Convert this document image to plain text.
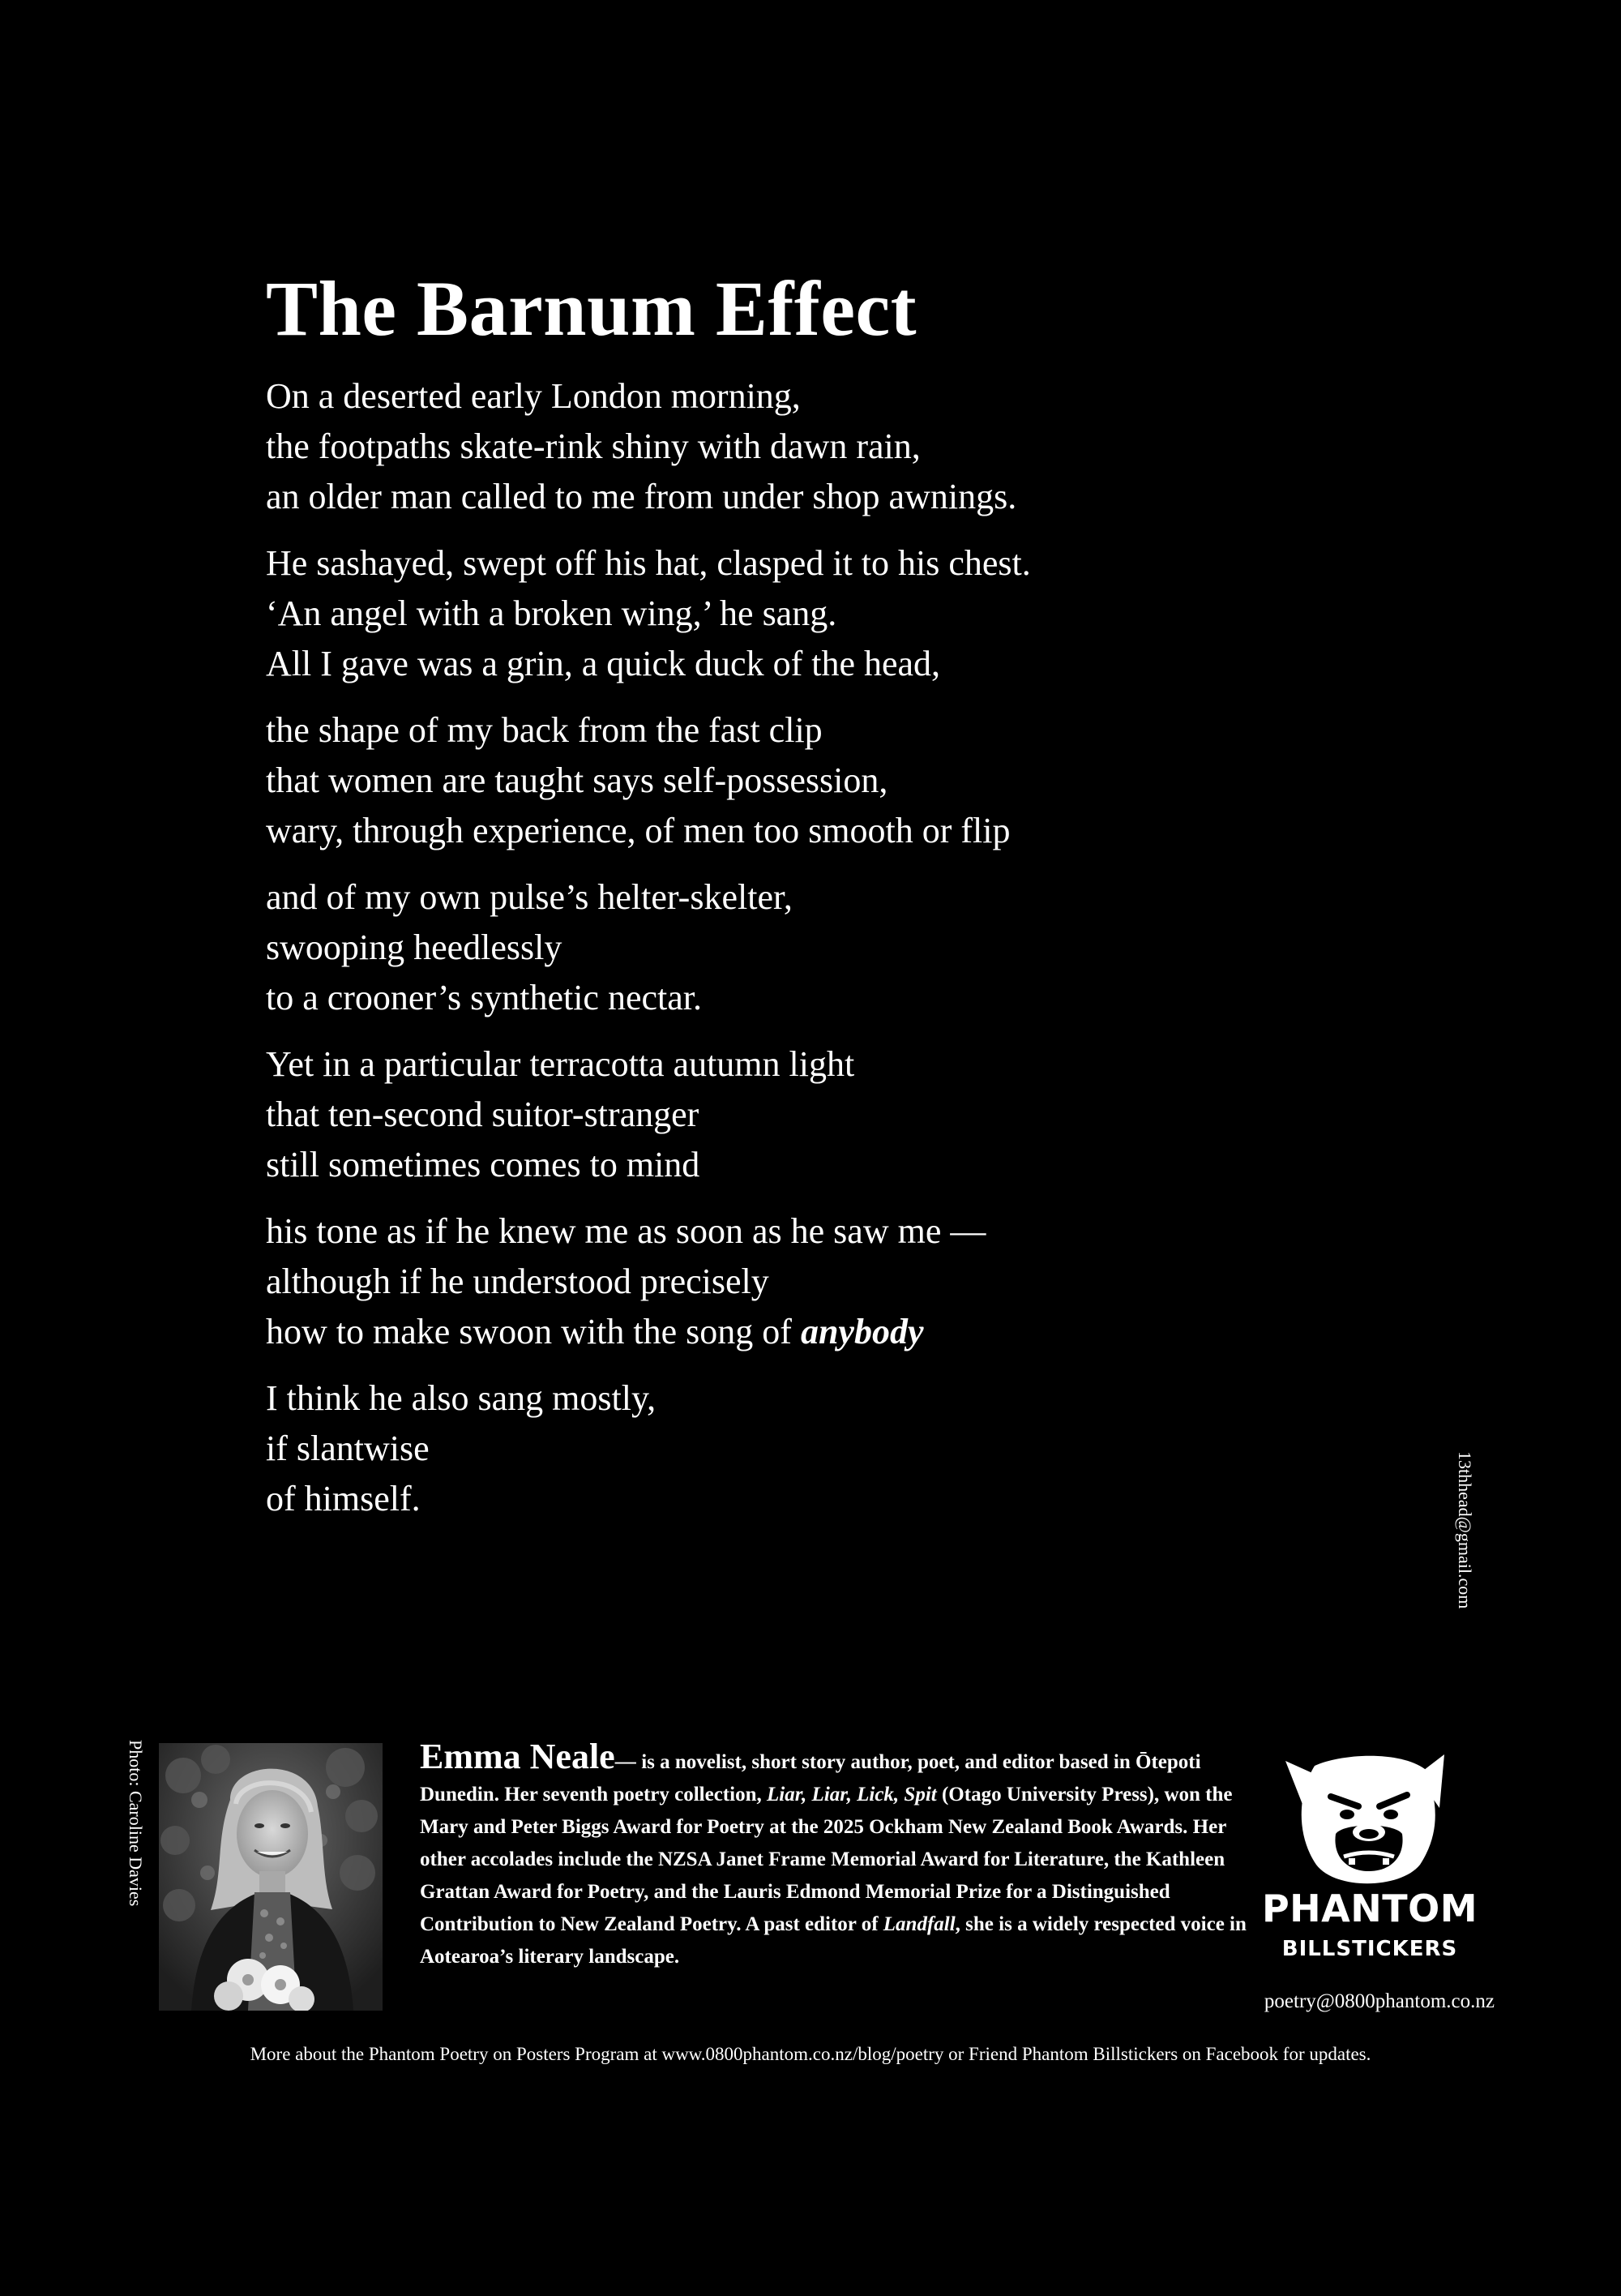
The Barnum Effect
On a deserted early London morning,
the footpaths skate-rink shiny with dawn rain,
an older man called to me from under shop awnings.
He sashayed, swept off his hat, clasped it to his chest.
‘An angel with a broken wing,’ he sang.
All I gave was a grin, a quick duck of the head,
the shape of my back from the fast clip
that women are taught says self-possession,
wary, through experience, of men too smooth or flip
and of my own pulse’s helter-skelter,
swooping heedlessly
to a crooner’s synthetic nectar.
Yet in a particular terracotta autumn light
that ten-second suitor-stranger
still sometimes comes to mind
his tone as if he knew me as soon as he saw me —
although if he understood precisely
how to make swoon with the song of anybody
I think he also sang mostly,
if slantwise
of himself.	13thhead@gmail.com
Photo: Caroline Davies	Emma Neale— is a novelist, short story author, poet, and editor based in Ōtepoti Dunedin. Her seventh poetry collection, Liar, Liar, Lick, Spit (Otago University Press), won the Mary and Peter Biggs Award for Poetry at the 2025 Ockham New Zealand Book Awards. Her other accolades include the NZSA Janet Frame Memorial Award for Literature, the Kathleen Grattan Award for Poetry, and the Lauris Edmond Memorial Prize for a Distinguished Contribution to New Zealand Poetry. A past editor of Landfall, she is a widely respected voice in Aotearoa’s literary landscape.
PHANTOM
BILLSTICKERS
poetry@0800phantom.co.nz
More about the Phantom Poetry on Posters Program at www.0800phantom.co.nz/blog/poetry or Friend Phantom Billstickers on Facebook for updates.
